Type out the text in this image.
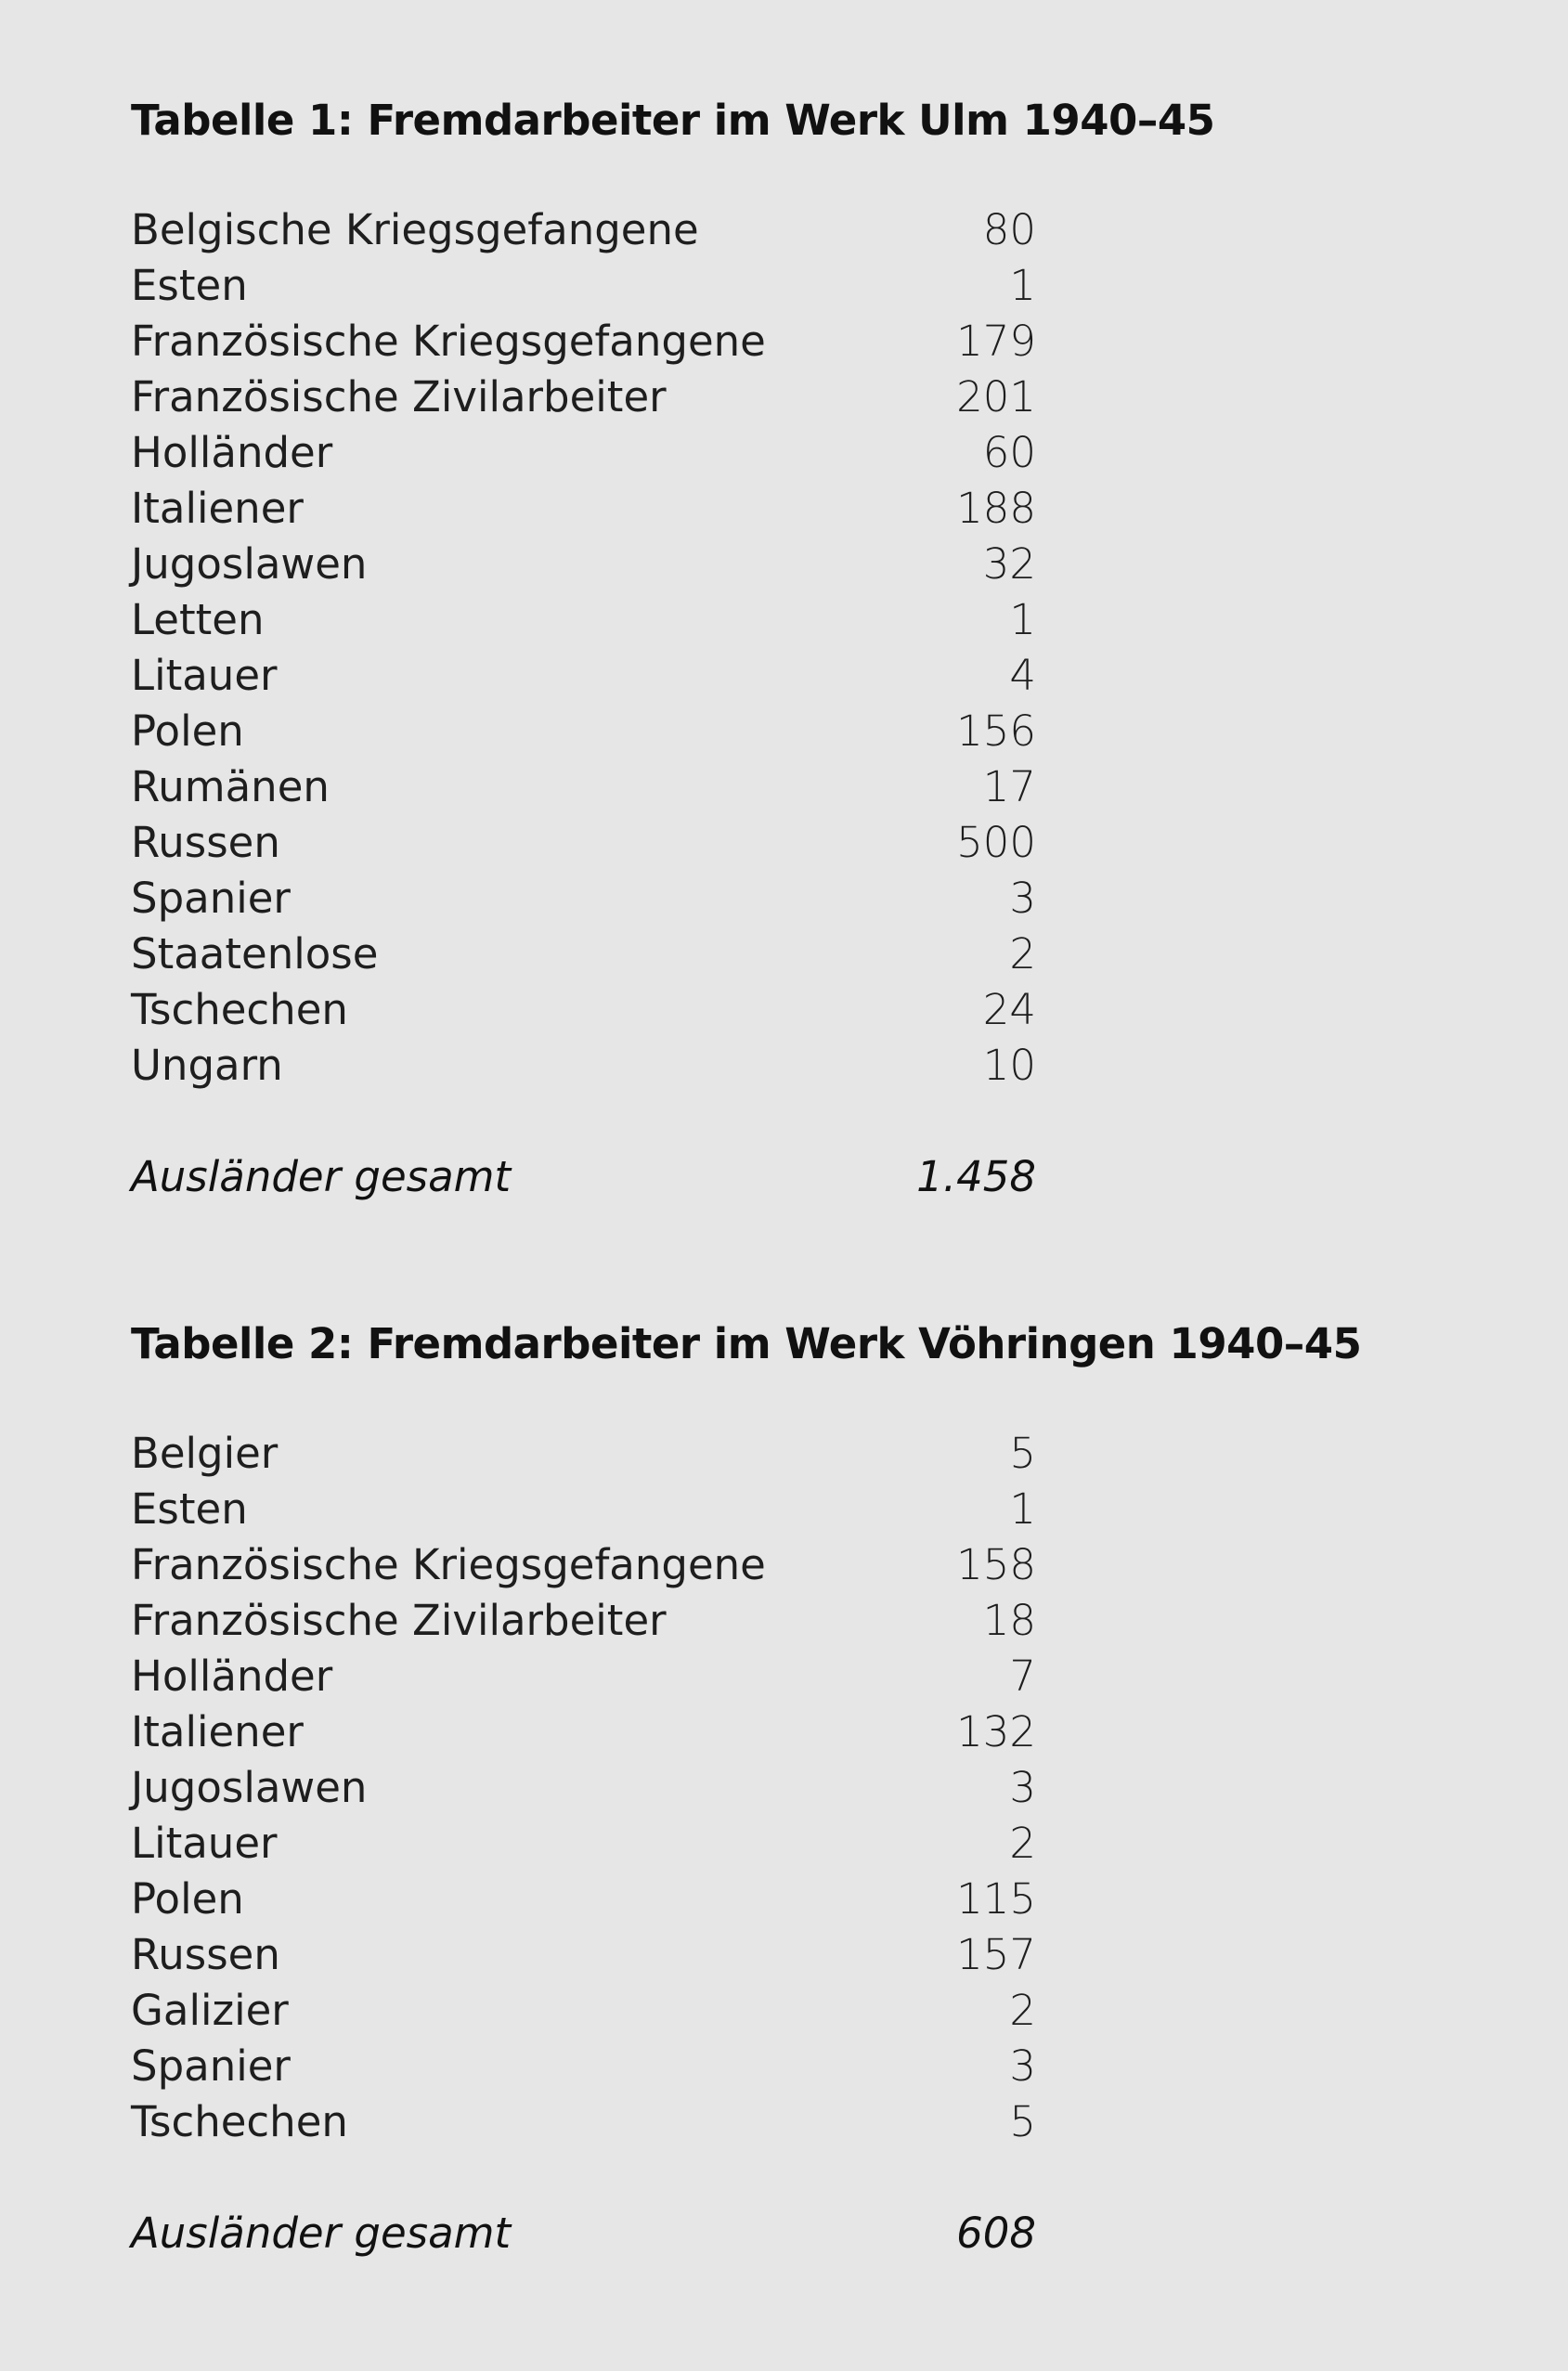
Tabelle 1: Fremdarbeiter im Werk Ulm 1940–45
Belgische Kriegsgefangene	80
Esten	1
Französische Kriegsgefangene	179
Französische Zivilarbeiter	201
Holländer	60
Italiener	188
Jugoslawen	32
Letten	1
Litauer	4
Polen	156
Rumänen	17
Russen	500
Spanier	3
Staatenlose	2
Tschechen	24
Ungarn	10
Ausländer gesamt	1.458
Tabelle 2: Fremdarbeiter im Werk Vöhringen 1940–45
Belgier	5
Esten	1
Französische Kriegsgefangene	158
Französische Zivilarbeiter	18
Holländer	7
Italiener	132
Jugoslawen	3
Litauer	2
Polen	115
Russen	157
Galizier	2
Spanier	3
Tschechen	5
Ausländer gesamt	608
